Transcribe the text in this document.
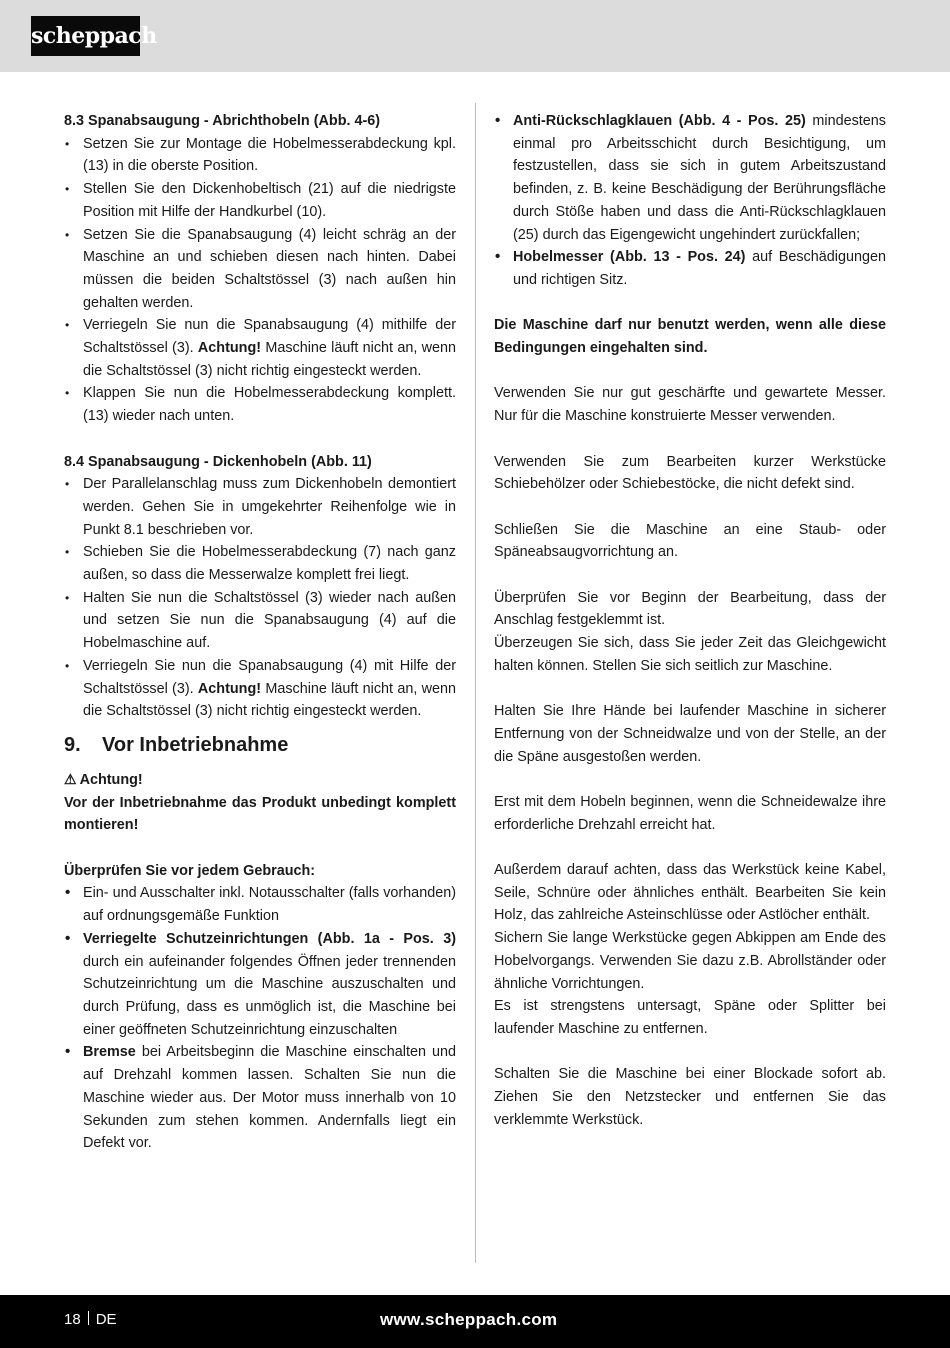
scheppach

8.3 Spanabsaugung - Abrichthobeln (Abb. 4-6)

• Setzen Sie zur Montage die Hobelmesserabdeckung kpl. (13) in die oberste Position.
• Stellen Sie den Dickenhobeltisch (21) auf die niedrigste Position mit Hilfe der Handkurbel (10).
• Setzen Sie die Spanabsaugung (4) leicht schräg an der Maschine an und schieben diesen nach hinten. Dabei müssen die beiden Schaltstössel (3) nach außen hin gehalten werden.
• Verriegeln Sie nun die Spanabsaugung (4) mithilfe der Schaltstössel (3). Achtung! Maschine läuft nicht an, wenn die Schaltstössel (3) nicht richtig eingesteckt werden.
• Klappen Sie nun die Hobelmesserabdeckung komplett. (13) wieder nach unten.

8.4 Spanabsaugung - Dickenhobeln (Abb. 11)

• Der Parallelanschlag muss zum Dickenhobeln demontiert werden. Gehen Sie in umgekehrter Reihenfolge wie in Punkt 8.1 beschrieben vor.
• Schieben Sie die Hobelmesserabdeckung (7) nach ganz außen, so dass die Messerwalze komplett frei liegt.
• Halten Sie nun die Schaltstössel (3) wieder nach außen und setzen Sie nun die Spanabsaugung (4) auf die Hobelmaschine auf.
• Verriegeln Sie nun die Spanabsaugung (4) mit Hilfe der Schaltstössel (3). Achtung! Maschine läuft nicht an, wenn die Schaltstössel (3) nicht richtig eingesteckt werden.

9. Vor Inbetriebnahme

⚠ Achtung!

Vor der Inbetriebnahme das Produkt unbedingt komplett montieren!

Überprüfen Sie vor jedem Gebrauch:

• Ein- und Ausschalter inkl. Notausschalter (falls vorhanden) auf ordnungsgemäße Funktion
• Verriegelte Schutzeinrichtungen (Abb. 1a - Pos. 3) durch ein aufeinander folgendes Öffnen jeder trennenden Schutzeinrichtung um die Maschine auszuschalten und durch Prüfung, dass es unmöglich ist, die Maschine bei einer geöffneten Schutzeinrichtung einzuschalten
• Bremse bei Arbeitsbeginn die Maschine einschalten und auf Drehzahl kommen lassen. Schalten Sie nun die Maschine wieder aus. Der Motor muss innerhalb von 10 Sekunden zum stehen kommen. Andernfalls liegt ein Defekt vor.
• Anti-Rückschlagklauen (Abb. 4 - Pos. 25) mindestens einmal pro Arbeitsschicht durch Besichtigung, um festzustellen, dass sie sich in gutem Arbeitszustand befinden, z. B. keine Beschädigung der Berührungsfläche durch Stöße haben und dass die Anti-Rückschlagklauen (25) durch das Eigengewicht ungehindert zurückfallen;
• Hobelmesser (Abb. 13 - Pos. 24) auf Beschädigungen und richtigen Sitz.

Die Maschine darf nur benutzt werden, wenn alle diese Bedingungen eingehalten sind.

Verwenden Sie nur gut geschärfte und gewartete Messer. Nur für die Maschine konstruierte Messer verwenden.

Verwenden Sie zum Bearbeiten kurzer Werkstücke Schiebehölzer oder Schiebestöcke, die nicht defekt sind.

Schließen Sie die Maschine an eine Staub- oder Späneabsaugvorrichtung an.

Überprüfen Sie vor Beginn der Bearbeitung, dass der Anschlag festgeklemmt ist.

Überzeugen Sie sich, dass Sie jeder Zeit das Gleichgewicht halten können. Stellen Sie sich seitlich zur Maschine.

Halten Sie Ihre Hände bei laufender Maschine in sicherer Entfernung von der Schneidwalze und von der Stelle, an der die Späne ausgestoßen werden.

Erst mit dem Hobeln beginnen, wenn die Schneidewalze ihre erforderliche Drehzahl erreicht hat.

Außerdem darauf achten, dass das Werkstück keine Kabel, Seile, Schnüre oder ähnliches enthält. Bearbeiten Sie kein Holz, das zahlreiche Asteinschlüsse oder Astlöcher enthält.

Sichern Sie lange Werkstücke gegen Abkippen am Ende des Hobelvorgangs. Verwenden Sie dazu z.B. Abrollständer oder ähnliche Vorrichtungen.

Es ist strengstens untersagt, Späne oder Splitter bei laufender Maschine zu entfernen.

Schalten Sie die Maschine bei einer Blockade sofort ab. Ziehen Sie den Netzstecker und entfernen Sie das verklemmte Werkstück.

18 DE	www.scheppach.com
